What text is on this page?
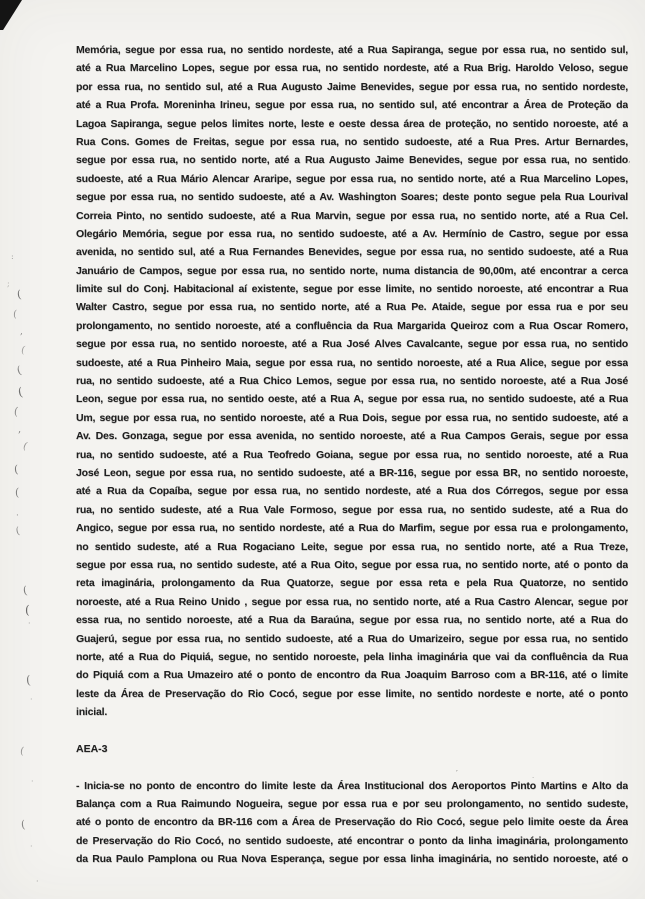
:
;
(
(
,
(
(
(
(
,
(
(
(
·
(
(
(
·
(
·
(
·
(
·
·
‚
′	·
Memória, segue por essa rua, no sentido nordeste, até a Rua Sapiranga, segue por essa rua, no sentido sul,
até a Rua Marcelino Lopes, segue por essa rua, no sentido nordeste, até a Rua Brig. Haroldo Veloso, segue
por essa rua, no sentido sul, até a Rua Augusto Jaime Benevides, segue por essa rua, no sentido nordeste,
até a Rua Profa. Moreninha Irineu, segue por essa rua, no sentido sul, até encontrar a Área de Proteção da
Lagoa Sapiranga, segue pelos limites norte, leste e oeste dessa área de proteção, no sentido noroeste, até a
Rua Cons. Gomes de Freitas, segue por essa rua, no sentido sudoeste, até a Rua Pres. Artur Bernardes,
segue por essa rua, no sentido norte, até a Rua Augusto Jaime Benevides, segue por essa rua, no sentido
sudoeste, até a Rua Mário Alencar Araripe, segue por essa rua, no sentido norte, até a Rua Marcelino Lopes,
segue por essa rua, no sentido sudoeste, até a Av. Washington Soares; deste ponto segue pela Rua Lourival
Correia Pinto, no sentido sudoeste, até a Rua Marvin, segue por essa rua, no sentido norte, até a Rua Cel.
Olegário Memória, segue por essa rua, no sentido sudoeste, até a Av. Hermínio de Castro, segue por essa
avenida, no sentido sul, até a Rua Fernandes Benevides, segue por essa rua, no sentido sudoeste, até a Rua
Januário de Campos, segue por essa rua, no sentido norte, numa distancia de 90,00m, até encontrar a cerca
limite sul do Conj. Habitacional aí existente, segue por esse limite, no sentido noroeste, até encontrar a Rua
Walter Castro, segue por essa rua, no sentido norte, até a Rua Pe. Ataide, segue por essa rua e por seu
prolongamento, no sentido noroeste, até a confluência da Rua Margarida Queiroz com a Rua Oscar Romero,
segue por essa rua, no sentido noroeste, até a Rua José Alves Cavalcante, segue por essa rua, no sentido
sudoeste, até a Rua Pinheiro Maia, segue por essa rua, no sentido noroeste, até a Rua Alice, segue por essa
rua, no sentido sudoeste, até a Rua Chico Lemos, segue por essa rua, no sentido noroeste, até a Rua José
Leon, segue por essa rua, no sentido oeste, até a Rua A, segue por essa rua, no sentido sudoeste, até a Rua
Um, segue por essa rua, no sentido noroeste, até a Rua Dois, segue por essa rua, no sentido sudoeste, até a
Av. Des. Gonzaga, segue por essa avenida, no sentido noroeste, até a Rua Campos Gerais, segue por essa
rua, no sentido sudoeste, até a Rua Teofredo Goiana, segue por essa rua, no sentido noroeste, até a Rua
José Leon, segue por essa rua, no sentido sudoeste, até a BR-116, segue por essa BR, no sentido noroeste,
até a Rua da Copaíba, segue por essa rua, no sentido nordeste, até a Rua dos Córregos, segue por essa
rua, no sentido sudeste, até a Rua Vale Formoso, segue por essa rua, no sentido sudeste, até a Rua do
Angico, segue por essa rua, no sentido nordeste, até a Rua do Marfim, segue por essa rua e prolongamento,
no sentido sudeste, até a Rua Rogaciano Leite, segue por essa rua, no sentido norte, até a Rua Treze,
segue por essa rua, no sentido sudeste, até a Rua Oito, segue por essa rua, no sentido norte, até o ponto da
reta imaginária, prolongamento da Rua Quatorze, segue por essa reta e pela Rua Quatorze, no sentido
noroeste, até a Rua Reino Unido , segue por essa rua, no sentido norte, até a Rua Castro Alencar, segue por
essa rua, no sentido noroeste, até a Rua da Baraúna, segue por essa rua, no sentido norte, até a Rua do
Guajerú, segue por essa rua, no sentido sudoeste, até a Rua do Umarizeiro, segue por essa rua, no sentido
norte, até a Rua do Piquiá, segue, no sentido noroeste, pela linha imaginária que vai da confluência da Rua
do Piquiá com a Rua Umazeiro até o ponto de encontro da Rua Joaquim Barroso com a BR-116, até o limite
leste da Área de Preservação do Rio Cocó, segue por esse limite, no sentido nordeste e norte, até o ponto
inicial.
AEA-3
- Inicia-se no ponto de encontro do limite leste da Área Institucional dos Aeroportos Pinto Martins e Alto da
Balança com a Rua Raimundo Nogueira, segue por essa rua e por seu prolongamento, no sentido sudeste,
até o ponto de encontro da BR-116 com a Área de Preservação do Rio Cocó, segue pelo limite oeste da Área
de Preservação do Rio Cocó, no sentido sudoeste, até encontrar o ponto da linha imaginária, prolongamento
da Rua Paulo Pamplona ou Rua Nova Esperança, segue por essa linha imaginária, no sentido noroeste, até o
